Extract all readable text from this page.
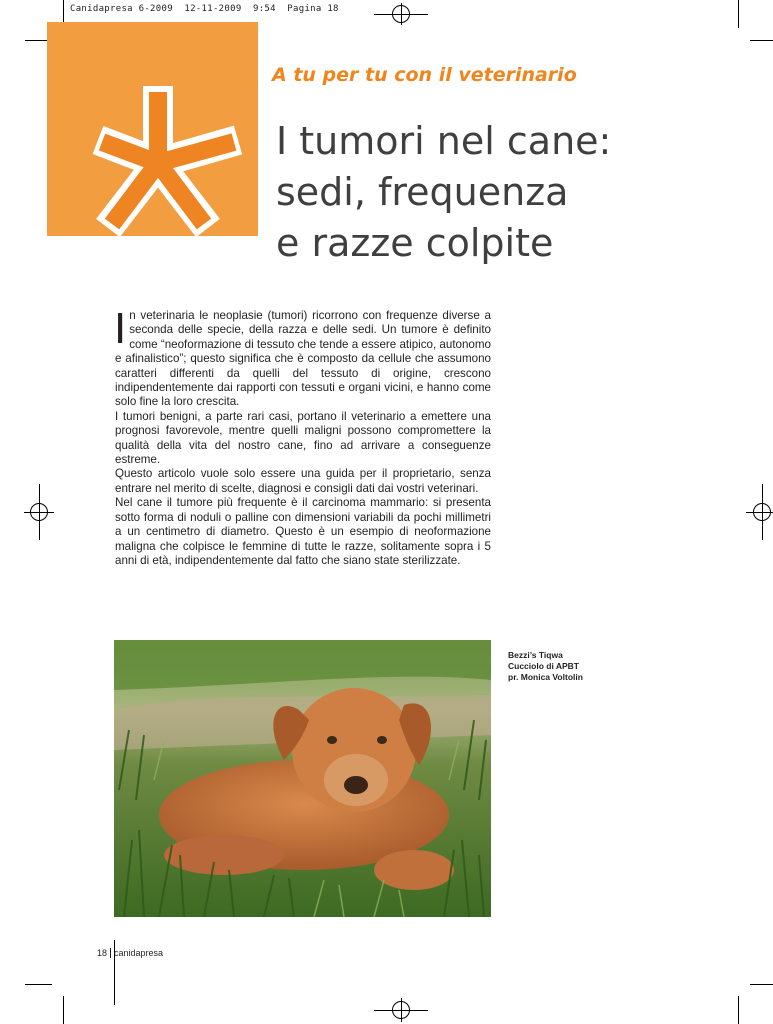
Canidapresa 6-2009  12-11-2009  9:54  Pagina 18
A tu per tu con il veterinario
I tumori nel cane:
sedi, frequenza
e razze colpite

In veterinaria le neoplasie (tumori) ricorrono con frequenze diverse a seconda delle specie, della razza e delle sedi. Un tumore è definito come “neoformazione di tessuto che tende a essere atipico, autonomo e afinalistico”; questo significa che è composto da cellule che assumono caratteri differenti da quelli del tessuto di origine, crescono indipendentemente dai rapporti con tessuti e organi vicini, e hanno come solo fine la loro crescita.

I tumori benigni, a parte rari casi, portano il veterinario a emettere una prognosi favorevole, mentre quelli maligni possono compromettere la qualità della vita del nostro cane, fino ad arrivare a conseguenze estreme.

Questo articolo vuole solo essere una guida per il proprietario, senza entrare nel merito di scelte, diagnosi e consigli dati dai vostri veterinari.

Nel cane il tumore più frequente è il carcinoma mammario: si presenta sotto forma di noduli o palline con dimensioni variabili da pochi millimetri a un centimetro di diametro. Questo è un esempio di neoformazione maligna che colpisce le femmine di tutte le razze, solitamente sopra i 5 anni di età, indipendentemente dal fatto che siano state sterilizzate.

Bezzi’s Tiqwa
Cucciolo di APBT
pr. Monica Voltolin
18 canidapresa
